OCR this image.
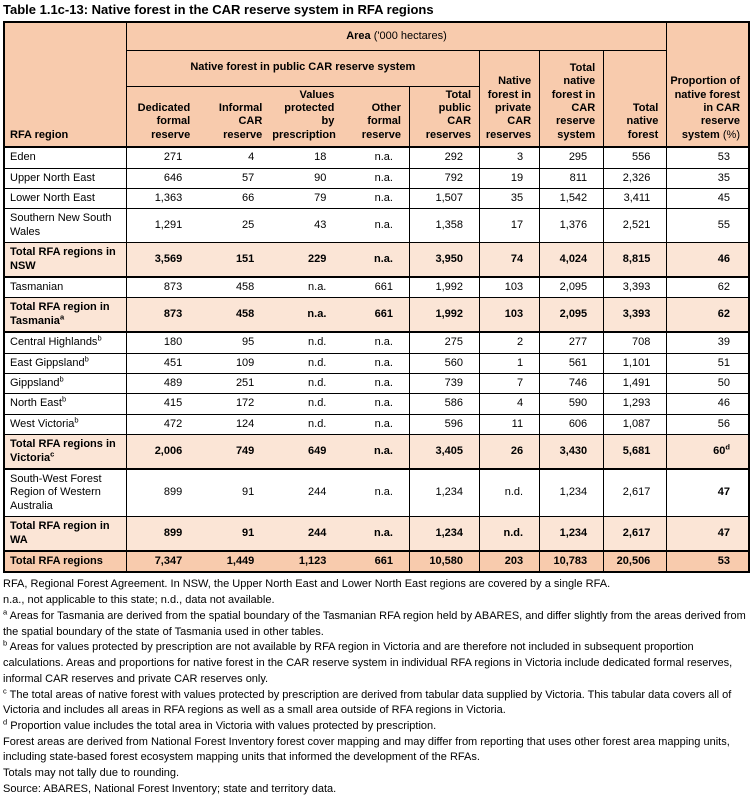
Table 1.1c-13: Native forest in the CAR reserve system in RFA regions

RFA region	Area ('000 hectares)								Proportion of native forest in CAR reserve system (%)
	Native forest in public CAR reserve system					Native forest in private CAR reserves	Total native forest in CAR reserve system	Total native forest	
	Dedicated formal reserve	Informal CAR reserve	Values protected by prescription	Other formal reserve	Total public CAR reserves				
Eden	271	4	18	n.a.	292	3	295	556	53
Upper North East	646	57	90	n.a.	792	19	811	2,326	35
Lower North East	1,363	66	79	n.a.	1,507	35	1,542	3,411	45
Southern New South Wales	1,291	25	43	n.a.	1,358	17	1,376	2,521	55
Total RFA regions in NSW	3,569	151	229	n.a.	3,950	74	4,024	8,815	46
Tasmanian	873	458	n.a.	661	1,992	103	2,095	3,393	62
Total RFA region in Tasmania$^a$	873	458	n.a.	661	1,992	103	2,095	3,393	62
Central Highlands$^b$	180	95	n.d.	n.a.	275	2	277	708	39
East Gippsland$^b$	451	109	n.d.	n.a.	560	1	561	1,101	51
Gippsland$^b$	489	251	n.d.	n.a.	739	7	746	1,491	50
North East$^b$	415	172	n.d.	n.a.	586	4	590	1,293	46
West Victoria$^b$	472	124	n.d.	n.a.	596	11	606	1,087	56
Total RFA regions in Victoria$^c$	2,006	749	649	n.a.	3,405	26	3,430	5,681	60$^d$
South-West Forest Region of Western Australia	899	91	244	n.a.	1,234	n.d.	1,234	2,617	47
Total RFA region in WA	899	91	244	n.a.	1,234	n.d.	1,234	2,617	47
Total RFA regions	7,347	1,449	1,123	661	10,580	203	10,783	20,506	53

RFA, Regional Forest Agreement. In NSW, the Upper North East and Lower North East regions are covered by a single RFA.

n.a., not applicable to this state; n.d., data not available.

$^a$ Areas for Tasmania are derived from the spatial boundary of the Tasmanian RFA region held by ABARES, and differ slightly from the areas derived from the spatial boundary of the state of Tasmania used in other tables.

$^b$ Areas for values protected by prescription are not available by RFA region in Victoria and are therefore not included in subsequent proportion calculations. Areas and proportions for native forest in the CAR reserve system in individual RFA regions in Victoria include dedicated formal reserves, informal CAR reserves and private CAR reserves only.

$^c$ The total areas of native forest with values protected by prescription are derived from tabular data supplied by Victoria. This tabular data covers all of Victoria and includes all areas in RFA regions as well as a small area outside of RFA regions in Victoria.

$^d$ Proportion value includes the total area in Victoria with values protected by prescription.

Forest areas are derived from National Forest Inventory forest cover mapping and may differ from reporting that uses other forest area mapping units, including state-based forest ecosystem mapping units that informed the development of the RFAs.

Totals may not tally due to rounding.

Source: ABARES, National Forest Inventory; state and territory data.
